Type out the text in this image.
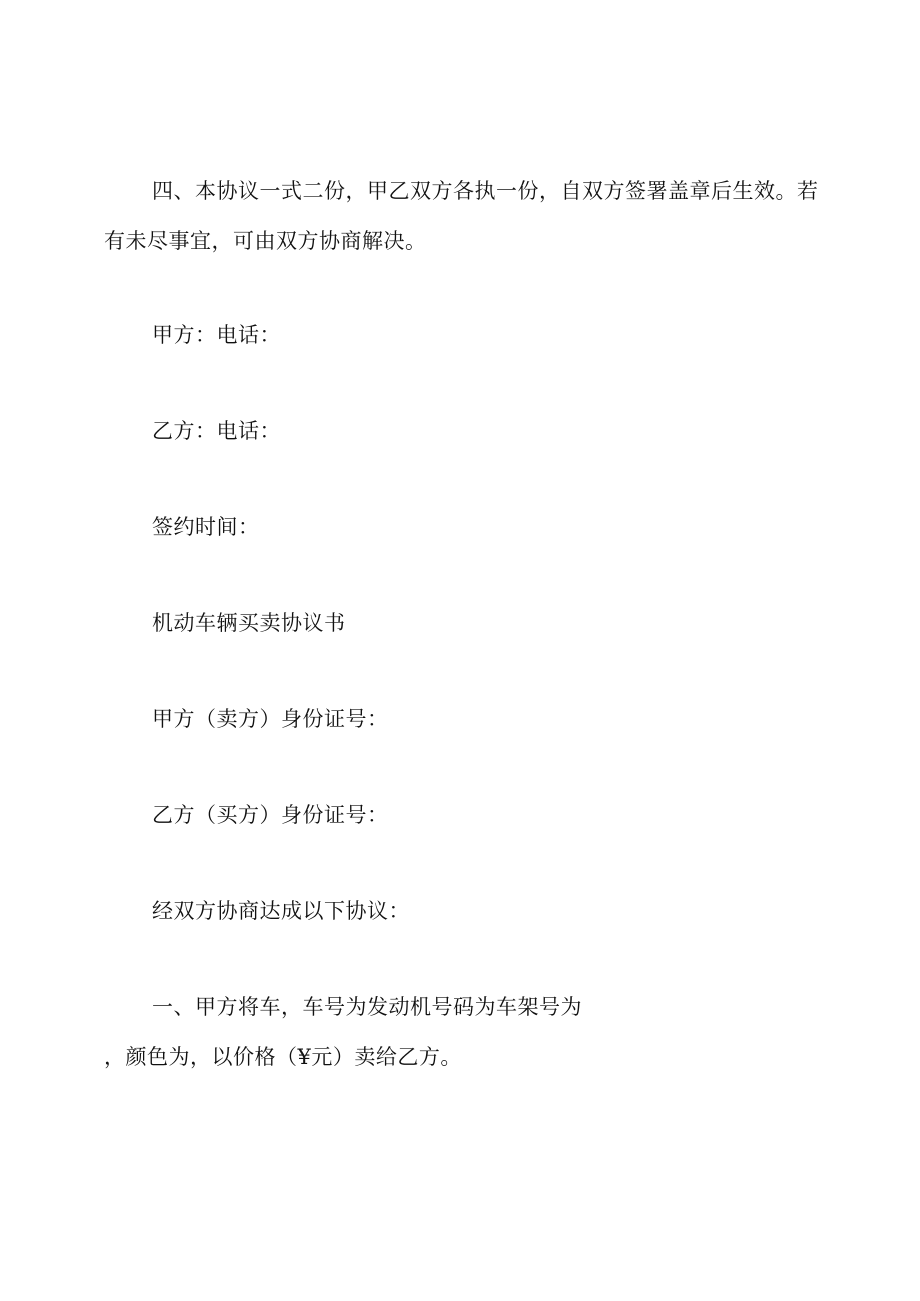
四、本协议一式二份，甲乙双方各执一份，自双方签署盖章后生效。若

有未尽事宜，可由双方协商解决。

甲方：电话：

乙方：电话：

签约时间：

机动车辆买卖协议书

甲方（卖方）身份证号：

乙方（买方）身份证号：

经双方协商达成以下协议：

一、甲方将车，车号为发动机号码为车架号为

，颜色为，以价格（¥元）卖给乙方。
